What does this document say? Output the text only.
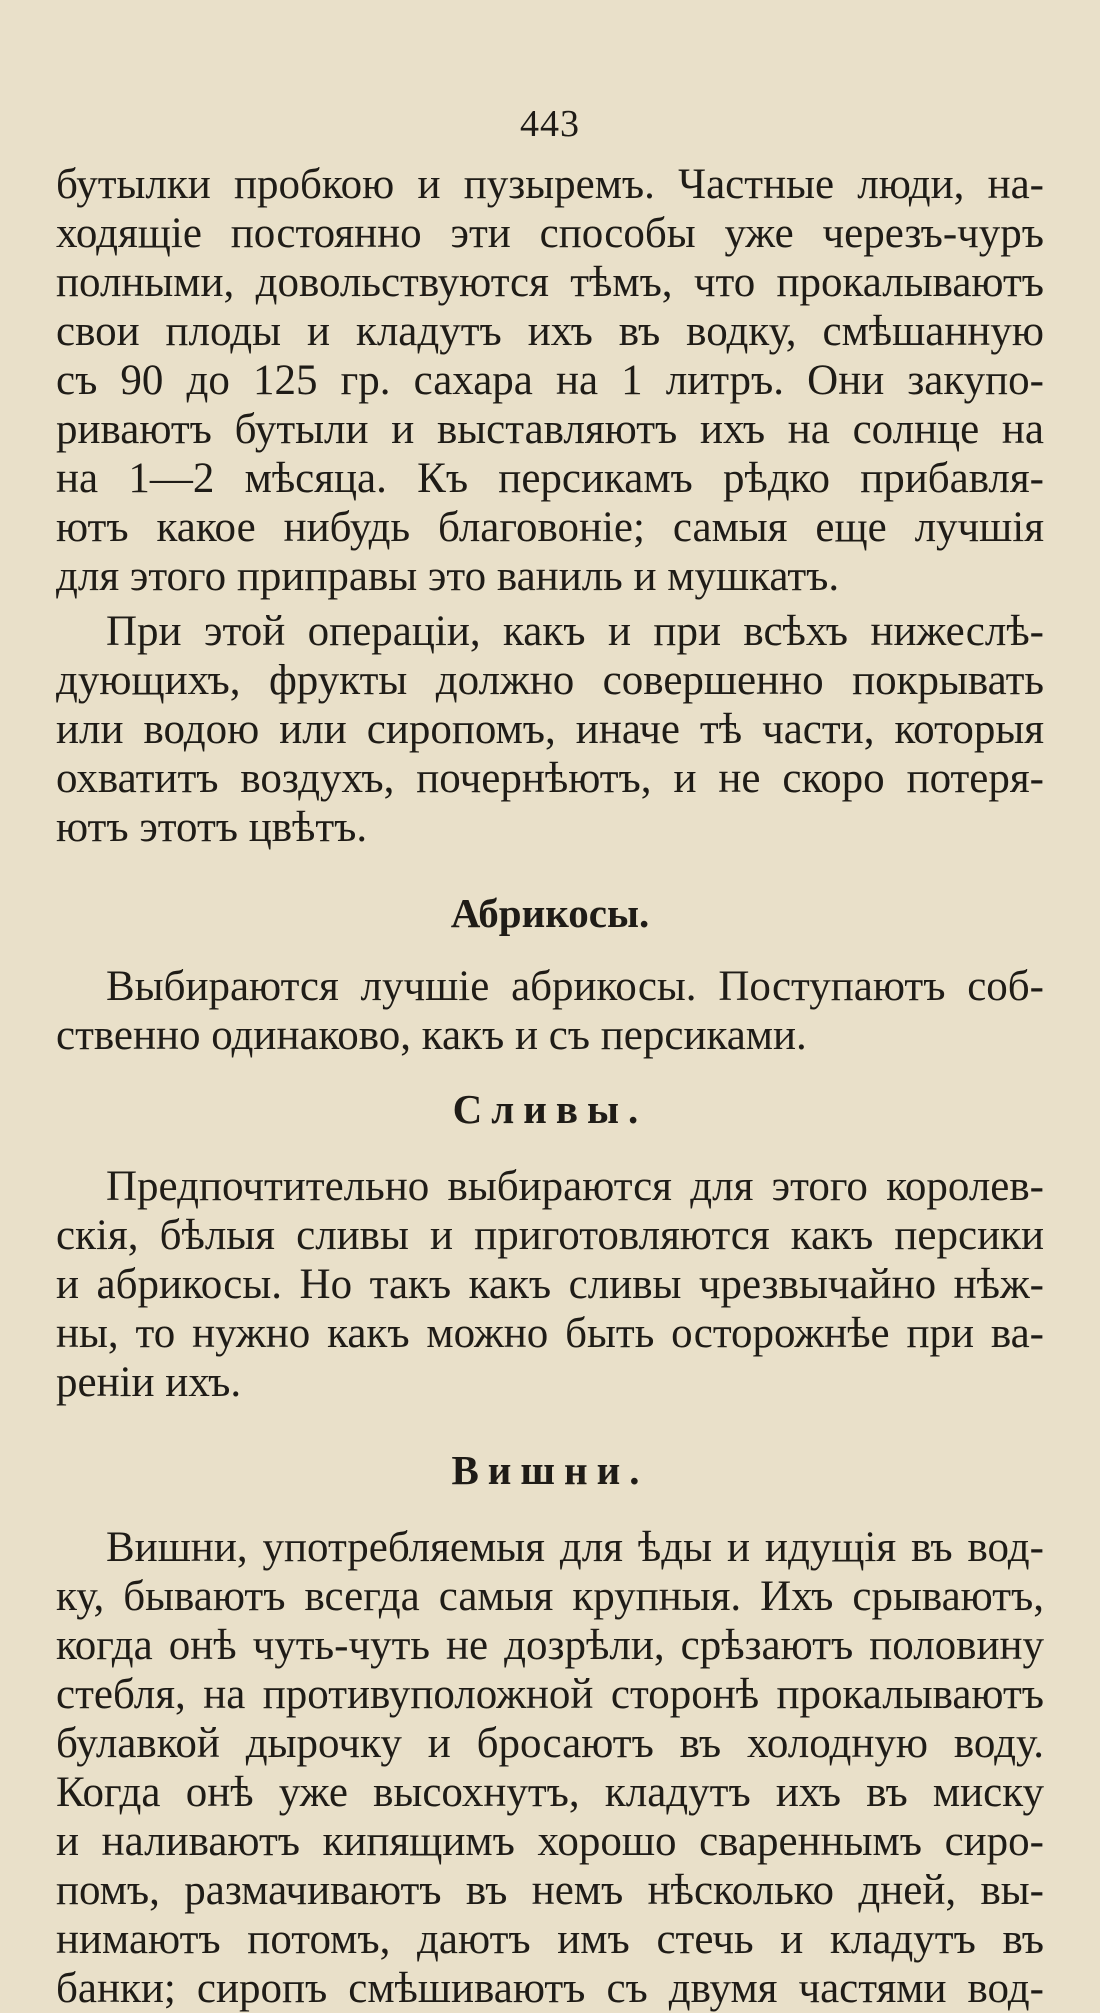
443

бутылки пробкою и пузыремъ. Частные люди, на-
ходящіе постоянно эти способы уже черезъ-чуръ
полными, довольствуются тѣмъ, что прокалываютъ
свои плоды и кладутъ ихъ въ водку, смѣшанную
съ 90 до 125 гр. сахара на 1 литръ. Они закупо-
риваютъ бутыли и выставляютъ ихъ на солнце на
на 1—2 мѣсяца. Къ персикамъ рѣдко прибавля-
ютъ какое нибудь благовоніе; самыя еще лучшія
для этого приправы это ваниль и мушкатъ.

При этой операціи, какъ и при всѣхъ нижеслѣ-
дующихъ, фрукты должно совершенно покрывать
или водою или сиропомъ, иначе тѣ части, которыя
охватитъ воздухъ, почернѣютъ, и не скоро потеря-
ютъ этотъ цвѣтъ.

Абрикосы.

Выбираются лучшіе абрикосы. Поступаютъ соб-
ственно одинаково, какъ и съ персиками.

Сливы.

Предпочтительно выбираются для этого королев-
скія, бѣлыя сливы и приготовляются какъ персики
и абрикосы. Но такъ какъ сливы чрезвычайно нѣж-
ны, то нужно какъ можно быть осторожнѣе при ва-
реніи ихъ.

Вишни.

Вишни, употребляемыя для ѣды и идущія въ вод-
ку, бываютъ всегда самыя крупныя. Ихъ срываютъ,
когда онѣ чуть-чуть не дозрѣли, срѣзаютъ половину
стебля, на противуположной сторонѣ прокалываютъ
булавкой дырочку и бросаютъ въ холодную воду.
Когда онѣ уже высохнутъ, кладутъ ихъ въ миску
и наливаютъ кипящимъ хорошо свареннымъ сиро-
помъ, размачиваютъ въ немъ нѣсколько дней, вы-
нимаютъ потомъ, даютъ имъ стечь и кладутъ въ
банки; сиропъ смѣшиваютъ съ двумя частями вод-
